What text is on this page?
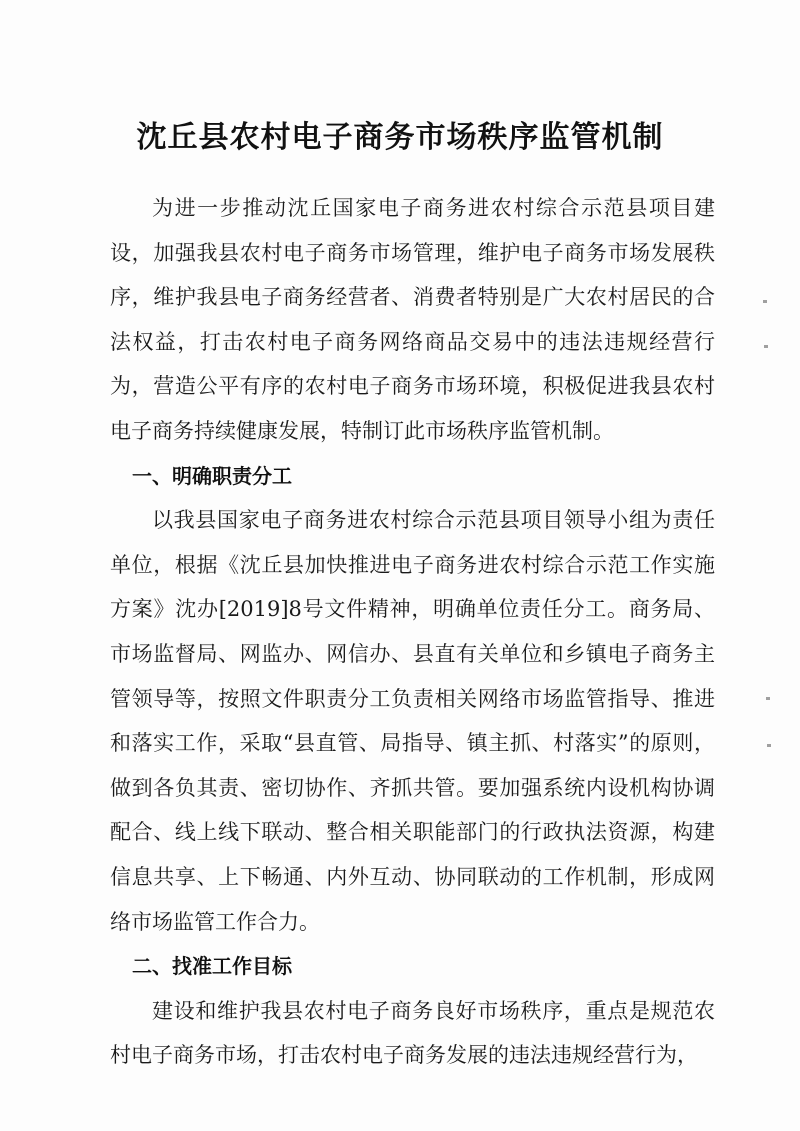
沈丘县农村电子商务市场秩序监管机制

为进一步推动沈丘国家电子商务进农村综合示范县项目建设，加强我县农村电子商务市场管理，维护电子商务市场发展秩序，维护我县电子商务经营者、消费者特别是广大农村居民的合法权益，打击农村电子商务网络商品交易中的违法违规经营行为，营造公平有序的农村电子商务市场环境，积极促进我县农村电子商务持续健康发展，特制订此市场秩序监管机制。

一、明确职责分工

以我县国家电子商务进农村综合示范县项目领导小组为责任单位，根据《沈丘县加快推进电子商务进农村综合示范工作实施方案》沈办[2019]8号文件精神，明确单位责任分工。商务局、市场监督局、网监办、网信办、县直有关单位和乡镇电子商务主管领导等，按照文件职责分工负责相关网络市场监管指导、推进和落实工作，采取“县直管、局指导、镇主抓、村落实”的原则，做到各负其责、密切协作、齐抓共管。要加强系统内设机构协调配合、线上线下联动、整合相关职能部门的行政执法资源，构建信息共享、上下畅通、内外互动、协同联动的工作机制，形成网络市场监管工作合力。

二、找准工作目标

建设和维护我县农村电子商务良好市场秩序，重点是规范农村电子商务市场，打击农村电子商务发展的违法违规经营行为，
